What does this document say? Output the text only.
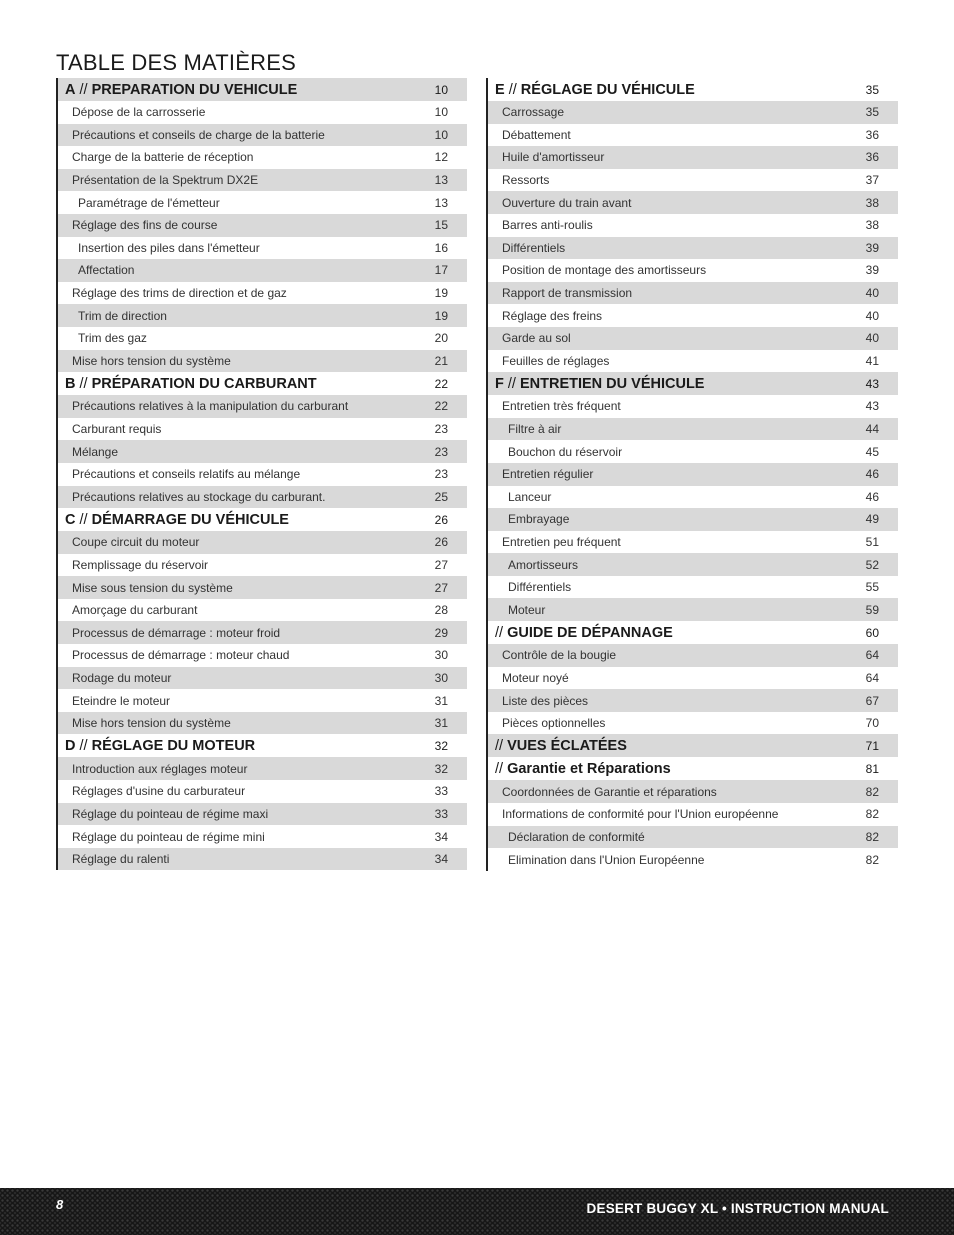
TABLE DES MATIÈRES
A // PREPARATION DU VEHICULE	10
Dépose de la carrosserie	10
Précautions et conseils de charge de la batterie	10
Charge de la batterie de réception	12
Présentation de la Spektrum DX2E	13
Paramétrage de l'émetteur	13
Réglage des fins de course	15
Insertion des piles dans l'émetteur	16
Affectation	17
Réglage des trims de direction et de gaz	19
Trim de direction	19
Trim des gaz	20
Mise hors tension du système	21
B // PRÉPARATION DU CARBURANT	22
Précautions relatives à la manipulation du carburant	22
Carburant requis	23
Mélange	23
Précautions et conseils relatifs au mélange	23
Précautions relatives au stockage du carburant.	25
C // DÉMARRAGE DU VÉHICULE	26
Coupe circuit du moteur	26
Remplissage du réservoir	27
Mise sous tension du système	27
Amorçage du carburant	28
Processus de démarrage : moteur froid	29
Processus de démarrage : moteur chaud	30
Rodage du moteur	30
Eteindre le moteur	31
Mise hors tension du système	31
D // RÉGLAGE DU MOTEUR	32
Introduction aux réglages moteur	32
Réglages d'usine du carburateur	33
Réglage du pointeau de régime maxi	33
Réglage du pointeau de régime mini	34
Réglage du ralenti	34
E // RÉGLAGE DU VÉHICULE	35
Carrossage	35
Débattement	36
Huile d'amortisseur	36
Ressorts	37
Ouverture du train avant	38
Barres anti-roulis	38
Différentiels	39
Position de montage des amortisseurs	39
Rapport de transmission	40
Réglage des freins	40
Garde au sol	40
Feuilles de réglages	41
F // ENTRETIEN DU VÉHICULE	43
Entretien très fréquent	43
Filtre à air	44
Bouchon du réservoir	45
Entretien régulier	46
Lanceur	46
Embrayage	49
Entretien peu fréquent	51
Amortisseurs	52
Différentiels	55
Moteur	59
// GUIDE DE DÉPANNAGE	60
Contrôle de la bougie	64
Moteur noyé	64
Liste des pièces	67
Pièces optionnelles	70
// VUES ÉCLATÉES	71
// Garantie et Réparations	81
Coordonnées de Garantie et réparations	82
Informations de conformité pour l'Union européenne	82
Déclaration de conformité	82
Elimination dans l'Union Européenne	82
8	DESERT BUGGY XL • INSTRUCTION MANUAL
